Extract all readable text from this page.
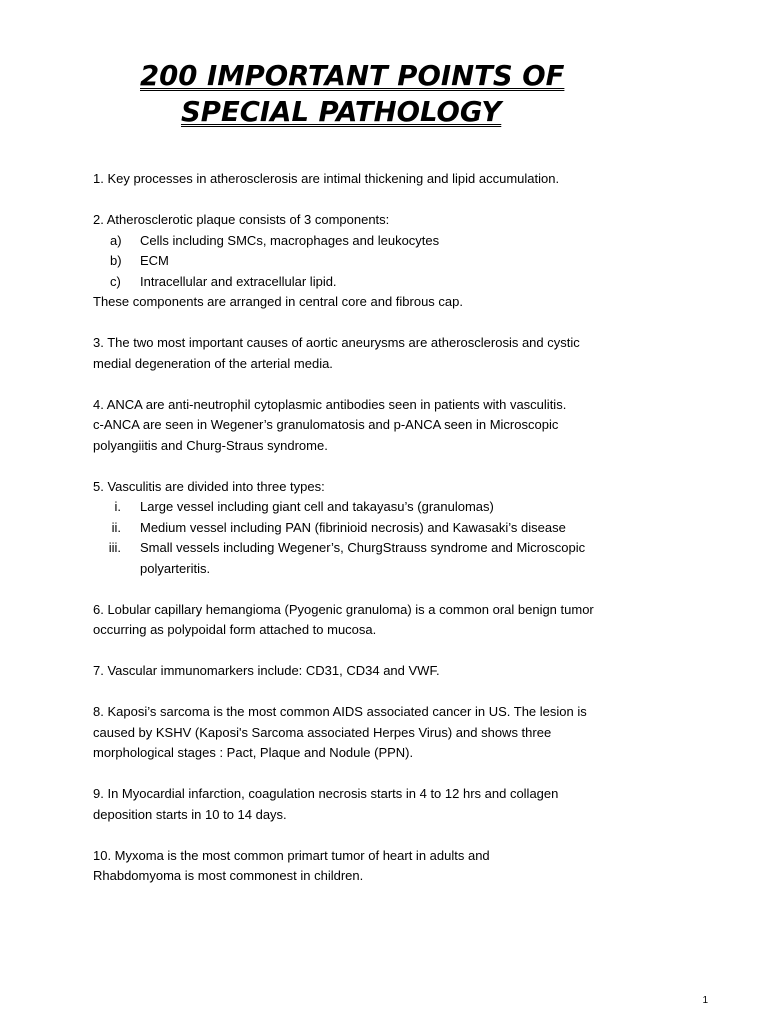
200 IMPORTANT POINTS OF
SPECIAL PATHOLOGY
1. Key processes in atherosclerosis are intimal thickening and lipid accumulation.
2. Atherosclerotic plaque consists of 3 components:
a)	Cells including SMCs, macrophages and leukocytes
b)	ECM
c)	Intracellular and extracellular lipid.
These components are arranged in central core and fibrous cap.
3. The two most important causes of aortic aneurysms are atherosclerosis and cystic
medial degeneration of the arterial media.
4. ANCA are anti-neutrophil cytoplasmic antibodies seen in patients with vasculitis.
c-ANCA are seen in Wegener’s granulomatosis and p-ANCA seen in Microscopic
polyangiitis and Churg-Straus syndrome.
5. Vasculitis are divided into three types:
i. Large vessel including giant cell and takayasu’s (granulomas)
ii. Medium vessel including PAN (fibrinioid necrosis) and Kawasaki’s disease
iii. Small vessels including Wegener’s, ChurgStrauss syndrome and Microscopic
polyarteritis.
6. Lobular capillary hemangioma (Pyogenic granuloma) is a common oral benign tumor
occurring as polypoidal form attached to mucosa.
7. Vascular immunomarkers include: CD31, CD34 and VWF.
8. Kaposi’s sarcoma is the most common AIDS associated cancer in US. The lesion is
caused by KSHV (Kaposi's Sarcoma associated Herpes Virus) and shows three
morphological stages : Pact, Plaque and Nodule (PPN).
9. In Myocardial infarction, coagulation necrosis starts in 4 to 12 hrs and collagen
deposition starts in 10 to 14 days.
10. Myxoma is the most common primart tumor of heart in adults and
Rhabdomyoma is most commonest in children.
1
